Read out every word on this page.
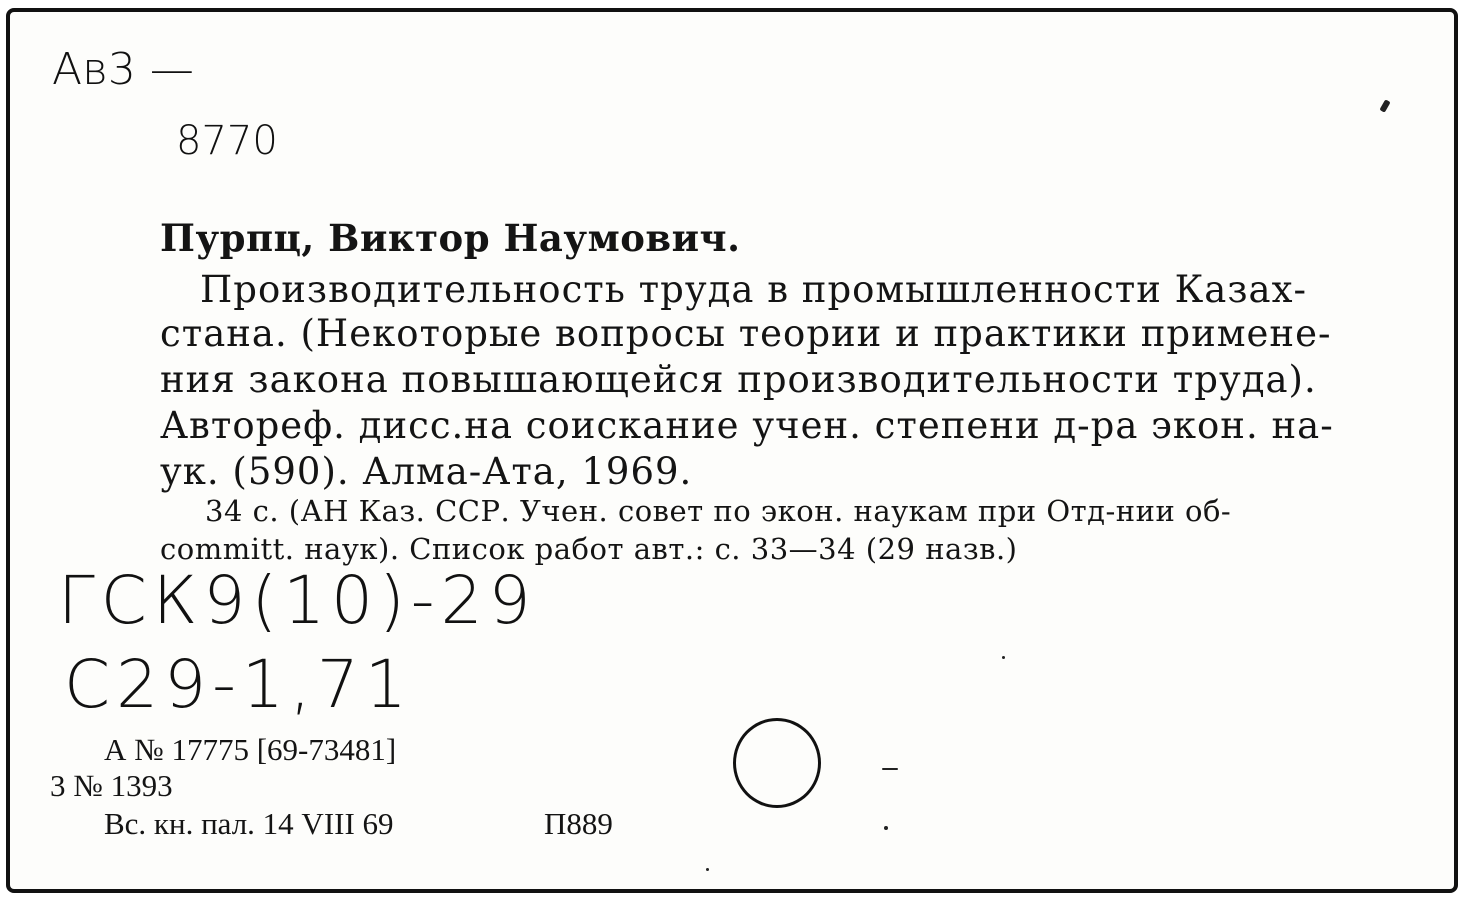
Ав3 —
8770
Пурпц, Виктор Наумович.
Производительность труда в промышленности Казах-
стана. (Некоторые вопросы теории и практики примене-
ния закона повышающейся производительности труда).
Автореф. дисс.на соискание учен. степени д-ра экон. на-
ук. (590). Алма-Ата, 1969.
34 с. (АН Каз. ССР. Учен. совет по экон. наукам при Отд-нии об-
committ. наук). Список работ авт.: с. 33—34 (29 назв.)
ГСК9(10)-29
С29-1,71
А № 17775 [69-73481]
3 № 1393
Вс. кн. пал. 14 VIII 69	П889
